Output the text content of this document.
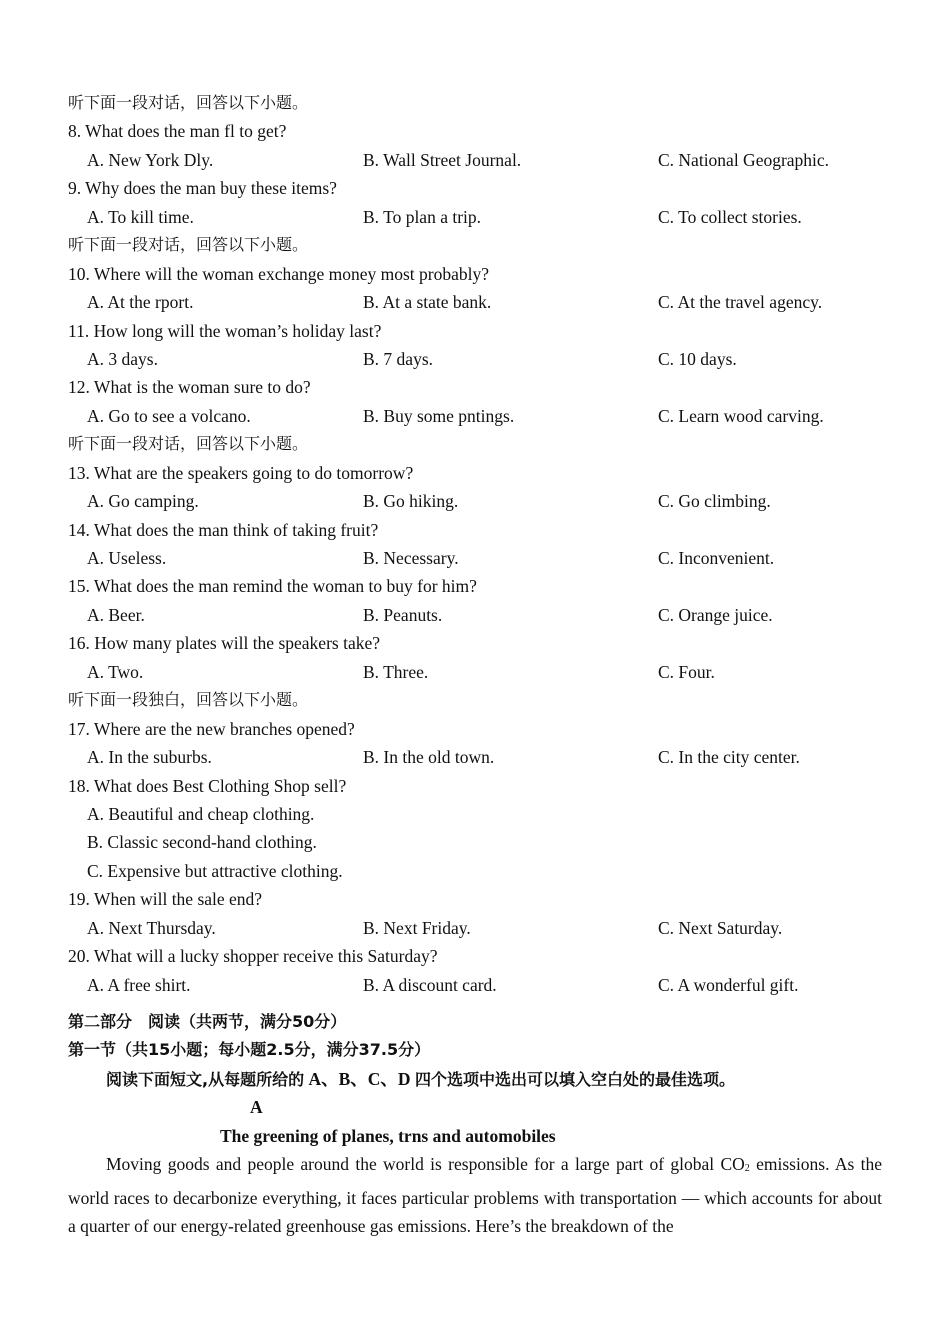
听下面一段对话，回答以下小题。
8. What does the man fl to get?
A. New York Dly.	B. Wall Street Journal.	C. National Geographic.
9. Why does the man buy these items?
A. To kill time.	B. To plan a trip.	C. To collect stories.
听下面一段对话，回答以下小题。
10. Where will the woman exchange money most probably?
A. At the rport.	B. At a state bank.	C. At the travel agency.
11. How long will the woman’s holiday last?
A. 3 days.	B. 7 days.	C. 10 days.
12. What is the woman sure to do?
A. Go to see a volcano.	B. Buy some pntings.	C. Learn wood carving.
听下面一段对话，回答以下小题。
13. What are the speakers going to do tomorrow?
A. Go camping.	B. Go hiking.	C. Go climbing.
14. What does the man think of taking fruit?
A. Useless.	B. Necessary.	C. Inconvenient.
15. What does the man remind the woman to buy for him?
A. Beer.	B. Peanuts.	C. Orange juice.
16. How many plates will the speakers take?
A. Two.	B. Three.	C. Four.
听下面一段独白，回答以下小题。
17. Where are the new branches opened?
A. In the suburbs.	B. In the old town.	C. In the city center.
18. What does Best Clothing Shop sell?
A. Beautiful and cheap clothing.
B. Classic second-hand clothing.
C. Expensive but attractive clothing.
19. When will the sale end?
A. Next Thursday.	B. Next Friday.	C. Next Saturday.
20. What will a lucky shopper receive this Saturday?
A. A free shirt.	B. A discount card.	C. A wonderful gift.
第二部分　阅读（共两节，满分50分）
第一节（共15小题；每小题2.5分，满分37.5分）
阅读下面短文,从每题所给的 A、B、C、D 四个选项中选出可以填入空白处的最佳选项。
A
The greening of planes, trns and automobiles

Moving goods and people around the world is responsible for a large part of global $CO_2$ emissions. As the world races to decarbonize everything, it faces particular problems with transportation — which accounts for about a quarter of our energy-related greenhouse gas emissions. Here’s the breakdown of the
